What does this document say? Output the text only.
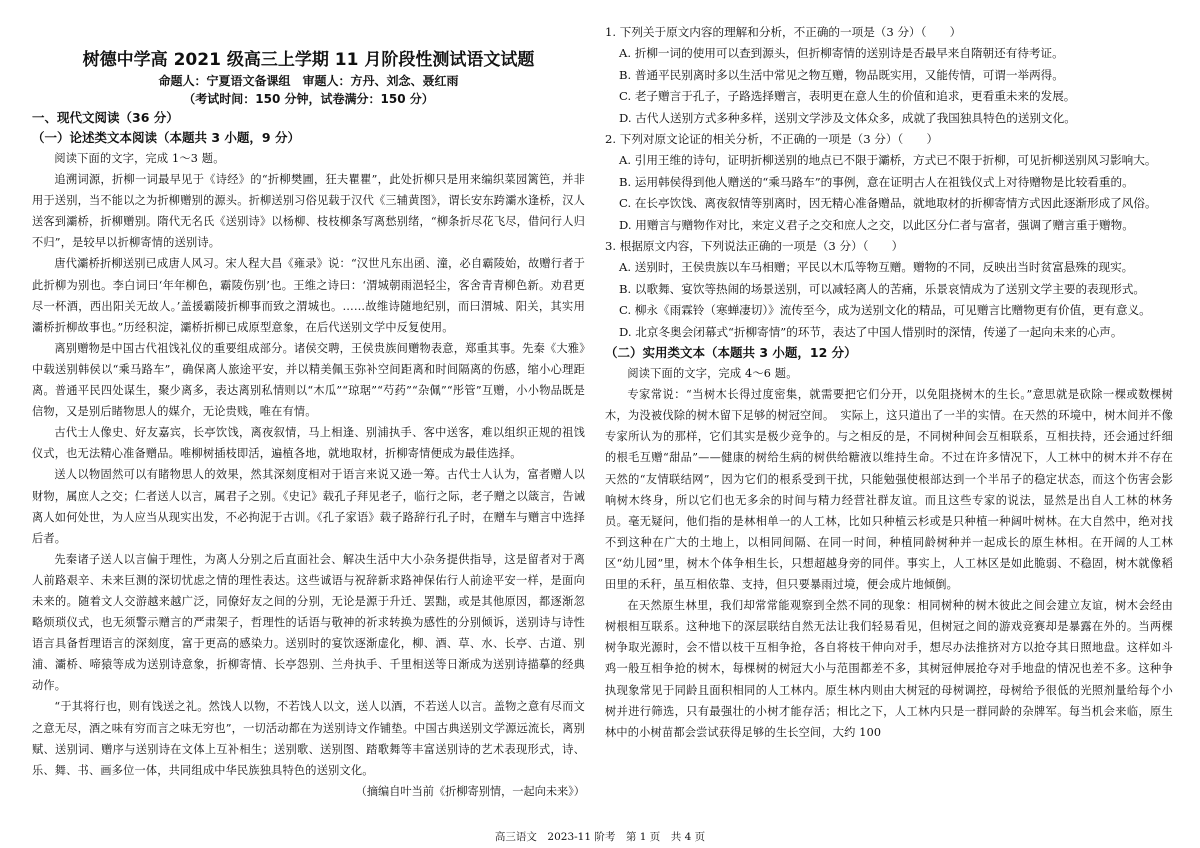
树德中学高 2021 级高三上学期 11 月阶段性测试语文试题

命题人：宁夏语文备课组　审题人：方丹、刘念、聂红雨

（考试时间：150 分钟，试卷满分：150 分）

一、现代文阅读（36 分）

（一）论述类文本阅读（本题共 3 小题，9 分）

阅读下面的文字，完成 1～3 题。

追溯词源，折柳一词最早见于《诗经》的“折柳樊圃，狂夫瞿瞿”，此处折柳只是用来编织菜园篱笆，并非用于送别，当不能以之为折柳赠别的源头。折柳送别习俗见载于汉代《三辅黄图》，谓长安东跨灞水逢桥，汉人送客到灞桥，折柳赠别。隋代无名氏《送别诗》以杨柳、枝枝柳条写离愁别绪，“柳条折尽花飞尽，借问行人归不归”，是较早以折柳寄情的送别诗。

唐代灞桥折柳送别已成唐人风习。宋人程大昌《雍录》说：“汉世凡东出函、潼，必自霸陵始，故赠行者于此折柳为别也。李白词曰‘年年柳色，霸陵伤别’也。王维之诗曰：‘渭城朝雨浥轻尘，客舍青青柳色新。劝君更尽一杯酒，西出阳关无故人。’盖援霸陵折柳事而致之渭城也。……故维诗随地纪别，而曰渭城、阳关，其实用灞桥折柳故事也。”历经积淀，灞桥折柳已成原型意象，在后代送别文学中反复使用。

离别赠物是中国古代祖饯礼仪的重要组成部分。诸侯交聘，王侯贵族间赠物表意，郑重其事。先秦《大雅》中载送别韩侯以“乘马路车”，确保离人旅途平安，并以精美佩玉弥补空间距离和时间隔离的伤感，缩小心理距离。普通平民四处谋生，聚少离多，表达离别私情则以“木瓜”“琼琚”“芍药”“杂佩”“彤管”互赠，小小物品既是信物，又是别后睹物思人的媒介，无论贵贱，唯在有情。

古代士人像史、好友嘉宾，长亭饮饯，离夜叙情，马上相逢、别浦执手、客中送客，难以组织正规的祖饯仪式，也无法精心准备赠品。唯柳树插枝即活，遍植各地，就地取材，折柳寄情便成为最佳选择。

送人以物固然可以有睹物思人的效果，然其深刻度相对于语言来说又逊一筹。古代士人认为，富者赠人以财物，属庶人之交；仁者送人以言，属君子之别。《史记》载孔子拜见老子，临行之际，老子赠之以箴言，告诫离人如何处世，为人应当从现实出发，不必拘泥于古训。《孔子家语》载子路辞行孔子时，在赠车与赠言中选择后者。

先秦诸子送人以言偏于理性，为离人分别之后直面社会、解决生活中大小杂务提供指导，这是留者对于离人前路艰辛、未来巨测的深切忧虑之情的理性表达。这些诚语与祝辞新求路神保佑行人前途平安一样，是面向未来的。随着文人交游越来越广泛，同僚好友之间的分别，无论是源于升迁、罢黜，或是其他原因，都逐渐忽略烦琐仪式，也无须警示赠言的严肃架子，哲理性的话语与敬神的祈求转换为感性的分别倾诉，送别诗与诗性语言具备哲理语言的深刻度，富于更高的感染力。送别时的宴饮逐渐虚化，柳、酒、草、水、长亭、古道、别浦、灞桥、啼猿等成为送别诗意象，折柳寄情、长亭怨别、兰舟执手、千里相送等日渐成为送别诗描摹的经典动作。

“于其将行也，则有饯送之礼。然饯人以物，不若饯人以文，送人以酒，不若送人以言。盖物之意有尽而文之意无尽，酒之味有穷而言之味无穷也”，一切活动都在为送别诗文作铺垫。中国古典送别文学源远流长，离别赋、送别词、赠序与送别诗在文体上互补相生；送别歌、送别图、踏歌舞等丰富送别诗的艺术表现形式，诗、乐、舞、书、画多位一体，共同组成中华民族独具特色的送别文化。

（摘编自叶当前《折柳寄别情，一起向未来》）

1. 下列关于原文内容的理解和分析，不正确的一项是（3 分）（　　）

A. 折柳一词的使用可以查到源头，但折柳寄情的送别诗是否最早来自隋朝还有待考证。

B. 普通平民别离时多以生活中常见之物互赠，物品既实用，又能传情，可谓一举两得。

C. 老子赠言于孔子，子路选择赠言，表明更在意人生的价值和追求，更看重未来的发展。

D. 古代人送别方式多种多样，送别文学涉及文体众多，成就了我国独具特色的送别文化。

2. 下列对原文论证的相关分析，不正确的一项是（3 分）（　　）

A. 引用王维的诗句，证明折柳送别的地点已不限于灞桥，方式已不限于折柳，可见折柳送别风习影响大。

B. 运用韩侯得到他人赠送的“乘马路车”的事例，意在证明古人在祖钱仪式上对待赠物是比较看重的。

C. 在长亭饮饯、离夜叙情等别离时，因无精心准备赠品，就地取材的折柳寄情方式因此逐渐形成了风俗。

D. 用赠言与赠物作对比，来定义君子之交和庶人之交，以此区分仁者与富者，强调了赠言重于赠物。

3. 根据原文内容，下列说法正确的一项是（3 分）（　　）

A. 送别时，王侯贵族以车马相赠；平民以木瓜等物互赠。赠物的不同，反映出当时贫富悬殊的现实。

B. 以歌舞、宴饮等热闹的场景送别，可以减轻离人的苦痛，乐景哀情成为了送别文学主要的表现形式。

C. 柳永《雨霖铃（寒蝉凄切）》流传至今，成为送别文化的精品，可见赠言比赠物更有价值，更有意义。

D. 北京冬奥会闭幕式“折柳寄情”的环节，表达了中国人惜别时的深情，传递了一起向未来的心声。

（二）实用类文本（本题共 3 小题，12 分）

阅读下面的文字，完成 4～6 题。

专家常说：“当树木长得过度密集，就需要把它们分开，以免阻挠树木的生长。”意思就是砍除一棵或数棵树木，为没被伐除的树木留下足够的树冠空间。　实际上，这只道出了一半的实情。在天然的环境中，树木间并不像专家所认为的那样，它们其实是极少竞争的。与之相反的是，不同树种间会互相联系，互相扶持，还会通过纤细的根毛互赠“甜品”——健康的树给生病的树供给糖液以维持生命。不过在许多情况下，人工林中的树木并不存在天然的“友情联结网”，因为它们的根系受到干扰，只能勉强使根部达到一个半吊子的稳定状态，而这个伤害会影响树木终身，所以它们也无多余的时间与精力经营社群友谊。而且这些专家的说法，显然是出自人工林的林务员。毫无疑问，他们指的是林相单一的人工林，比如只种植云杉或是只种植一种阔叶树林。在大自然中，绝对找不到这种在广大的土地上，以相同间隔、在同一时间，种植同龄树种并一起成长的原生林相。在开阔的人工林区“幼儿园”里，树木个体争相生长，只想超越身旁的同伴。事实上，人工林区是如此脆弱、不稳固，树木就像稻田里的禾秆，虽互相依靠、支持，但只要暴雨过境，便会成片地倾倒。

在天然原生林里，我们却常常能观察到全然不同的现象：相同树种的树木彼此之间会建立友谊，树木会经由树根相互联系。这种地下的深层联结自然无法让我们轻易看见，但树冠之间的游戏竞赛却是暴露在外的。当两棵树争取光源时，会不惜以枝干互相争抢，各自将枝干伸向对手，想尽办法推挤对方以抢夺其日照地盘。这样如斗鸡一般互相争抢的树木，每棵树的树冠大小与范围都差不多，其树冠伸展抢夺对手地盘的情况也差不多。这种争执现象常见于同龄且面积相同的人工林内。原生林内则由大树冠的母树调控，母树给予很低的光照剂量给每个小树并进行筛选，只有最强壮的小树才能存活；相比之下，人工林内只是一群同龄的杂牌军。每当机会来临，原生林中的小树苗都会尝试获得足够的生长空间，大约 100

高三语文　2023-11 阶考　第 1 页　共 4 页
